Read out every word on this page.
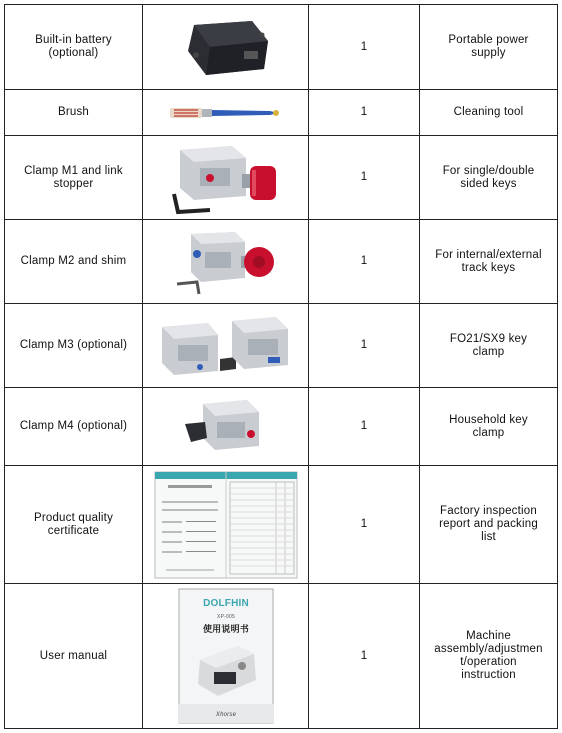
Built-in battery
(optional)		1	Portable power
supply

Brush		1	Cleaning tool

Clamp M1 and link
stopper		1	For single/double
sided keys

Clamp M2 and shim		1	For internal/external
track keys

Clamp M3 (optional)		1	FO21/SX9 key
clamp

Clamp M4 (optional)		1	Household key
clamp

Product quality
certificate		1	Factory inspection
report and packing
list

User manual	DOLFHIN
XP-005
使用说明书
Xhorse	1	Machine
assembly/adjustmen
t/operation
instruction
